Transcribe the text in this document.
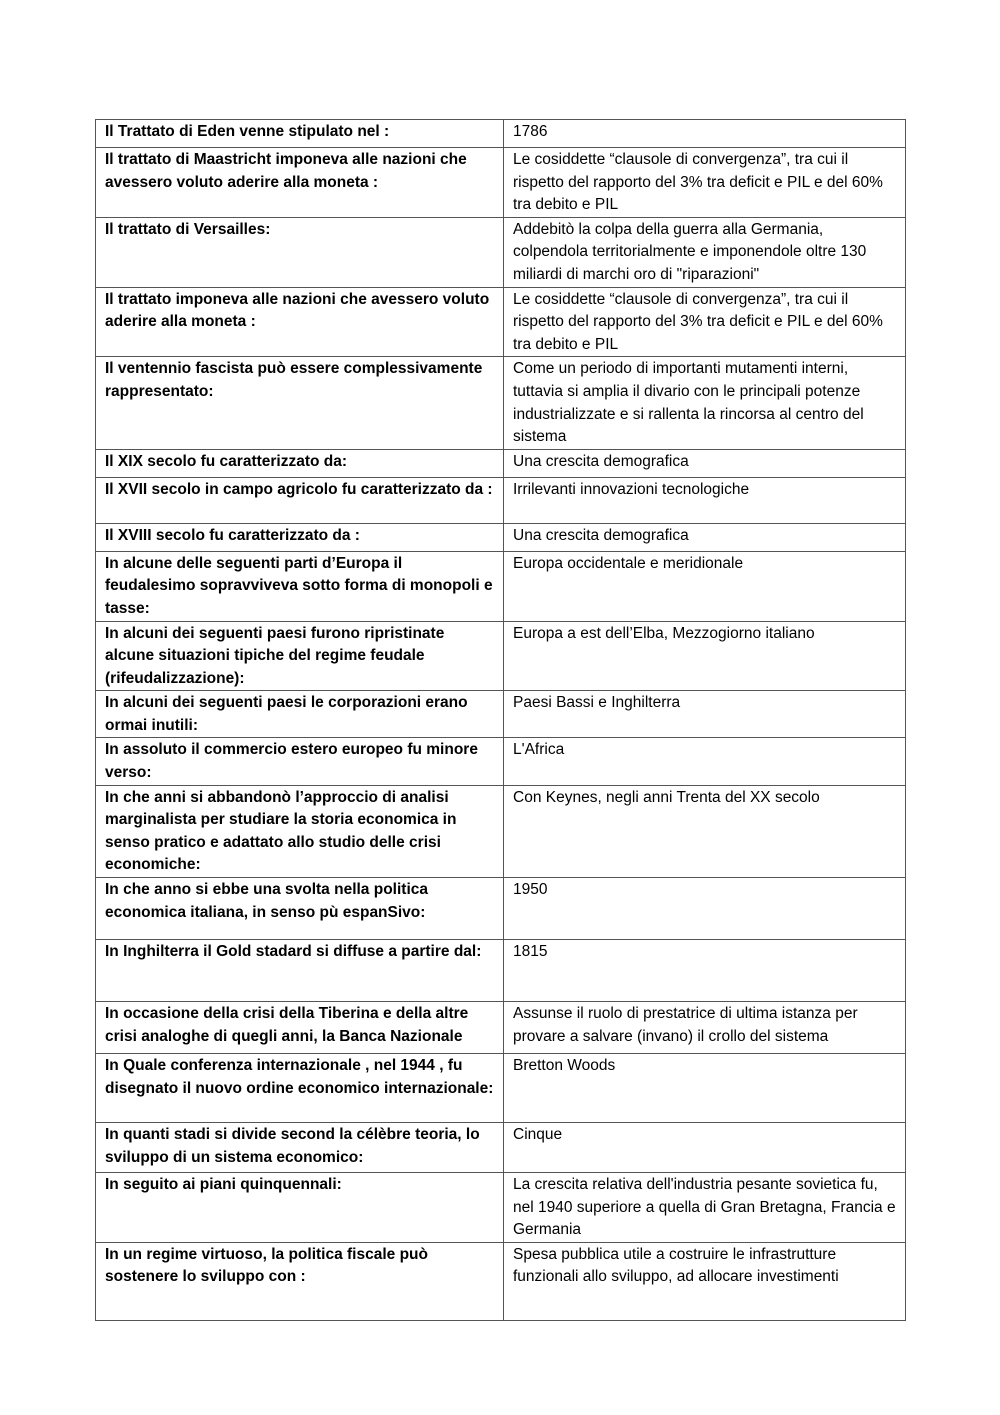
Il Trattato di Eden venne stipulato nel :	1786
Il trattato di Maastricht imponeva alle nazioni che avessero voluto aderire alla moneta :	Le cosiddette “clausole di convergenza”, tra cui il rispetto del rapporto del 3% tra deficit e PIL e del 60% tra debito e PIL
Il trattato di Versailles:	Addebitò la colpa della guerra alla Germania, colpendola territorialmente e imponendole oltre 130 miliardi di marchi oro di "riparazioni"
Il trattato imponeva alle nazioni che avessero voluto aderire alla moneta :	Le cosiddette “clausole di convergenza”, tra cui il rispetto del rapporto del 3% tra deficit e PIL e del 60% tra debito e PIL
Il ventennio fascista può essere complessivamente rappresentato:	Come un periodo di importanti mutamenti interni, tuttavia si amplia il divario con le principali potenze industrializzate e si rallenta la rincorsa al centro del sistema
Il XIX secolo fu caratterizzato da:	Una crescita demografica
Il XVII secolo in campo agricolo fu caratterizzato da :	Irrilevanti innovazioni tecnologiche
Il XVIII secolo fu caratterizzato da :	Una crescita demografica
In alcune delle seguenti parti d’Europa il feudalesimo sopravviveva sotto forma di monopoli e tasse:	Europa occidentale e meridionale
In alcuni dei seguenti paesi furono ripristinate alcune situazioni tipiche del regime feudale (rifeudalizzazione):	Europa a est dell’Elba, Mezzogiorno italiano
In alcuni dei seguenti paesi le corporazioni erano ormai inutili:	Paesi Bassi e Inghilterra
In assoluto il commercio estero europeo fu minore verso:	L'Africa
In che anni si abbandonò l’approccio di analisi marginalista per studiare la storia economica in senso pratico e adattato allo studio delle crisi economiche:	Con Keynes, negli anni Trenta del XX secolo
In che anno si ebbe una svolta nella politica economica italiana, in senso pù espanSivo:	1950
In Inghilterra il Gold stadard si diffuse a partire dal:	1815
In occasione della crisi della Tiberina e della altre crisi analoghe di quegli anni, la Banca Nazionale	Assunse il ruolo di prestatrice di ultima istanza per provare a salvare (invano) il crollo del sistema
In Quale conferenza internazionale , nel 1944 , fu disegnato il nuovo ordine economico internazionale:	Bretton Woods
In quanti stadi si divide second la célèbre teoria, lo sviluppo di un sistema economico:	Cinque
In seguito ai piani quinquennali:	La crescita relativa dell'industria pesante sovietica fu, nel 1940 superiore a quella di Gran Bretagna, Francia e Germania
In un regime virtuoso, la politica fiscale può sostenere lo sviluppo con :	Spesa pubblica utile a costruire le infrastrutture funzionali allo sviluppo, ad allocare investimenti
